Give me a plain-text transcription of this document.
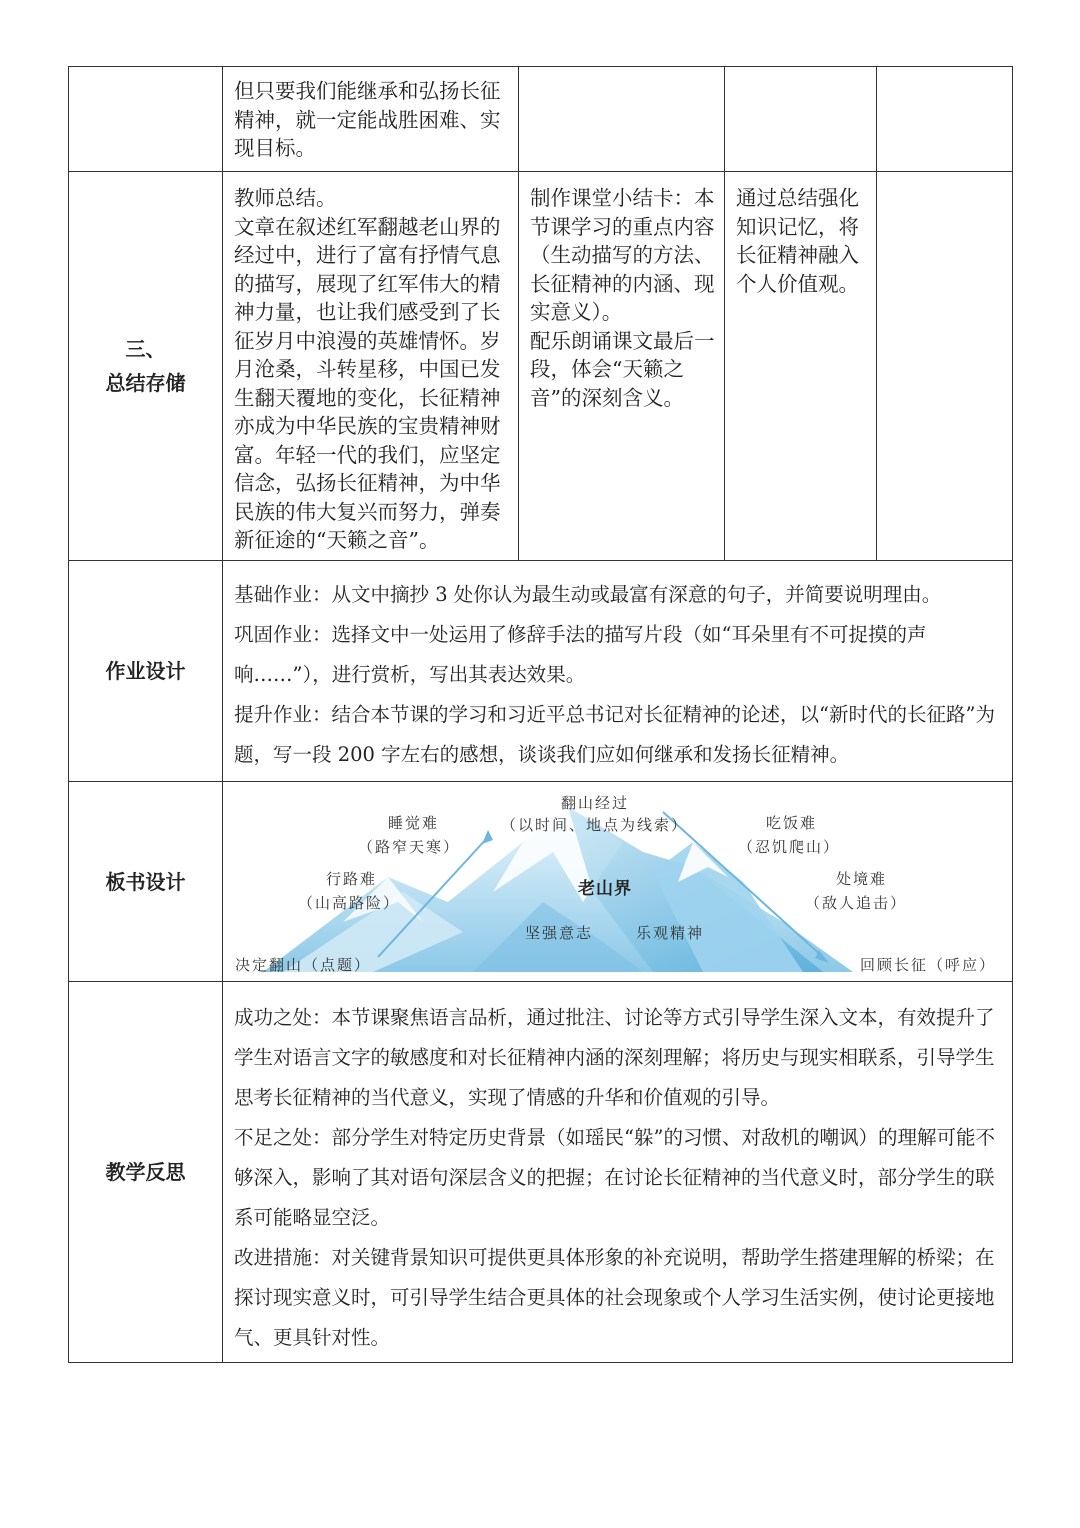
但只要我们能继承和弘扬长征精神，就一定能战胜困难、实现目标。

三、
总结存储

教师总结。

文章在叙述红军翻越老山界的经过中，进行了富有抒情气息的描写，展现了红军伟大的精神力量，也让我们感受到了长征岁月中浪漫的英雄情怀。岁月沧桑，斗转星移，中国已发生翻天覆地的变化，长征精神亦成为中华民族的宝贵精神财富。年轻一代的我们，应坚定信念，弘扬长征精神，为中华民族的伟大复兴而努力，弹奏新征途的“天籁之音”。

制作课堂小结卡：本节课学习的重点内容（生动描写的方法、长征精神的内涵、现实意义）。

配乐朗诵课文最后一段，体会“天籁之音”的深刻含义。

通过总结强化知识记忆，将长征精神融入个人价值观。

作业设计

基础作业：从文中摘抄 3 处你认为最生动或最富有深意的句子，并简要说明理由。

巩固作业：选择文中一处运用了修辞手法的描写片段（如“耳朵里有不可捉摸的声响……”），进行赏析，写出其表达效果。

提升作业：结合本节课的学习和习近平总书记对长征精神的论述，以“新时代的长征路”为题，写一段 200 字左右的感想，谈谈我们应如何继承和发扬长征精神。

板书设计
翻山经过
（以时间、地点为线索）
睡觉难
（路窄天寒）
吃饭难
（忍饥爬山）
行路难
（山高路险）
处境难
（敌人追击）
老山界
坚强意志	乐观精神
决定翻山（点题）	回顾长征（呼应）
教学反思

成功之处：本节课聚焦语言品析，通过批注、讨论等方式引导学生深入文本，有效提升了学生对语言文字的敏感度和对长征精神内涵的深刻理解；将历史与现实相联系，引导学生思考长征精神的当代意义，实现了情感的升华和价值观的引导。

不足之处：部分学生对特定历史背景（如瑶民“躲”的习惯、对敌机的嘲讽）的理解可能不够深入，影响了其对语句深层含义的把握；在讨论长征精神的当代意义时，部分学生的联系可能略显空泛。

改进措施：对关键背景知识可提供更具体形象的补充说明，帮助学生搭建理解的桥梁；在探讨现实意义时，可引导学生结合更具体的社会现象或个人学习生活实例，使讨论更接地气、更具针对性。
